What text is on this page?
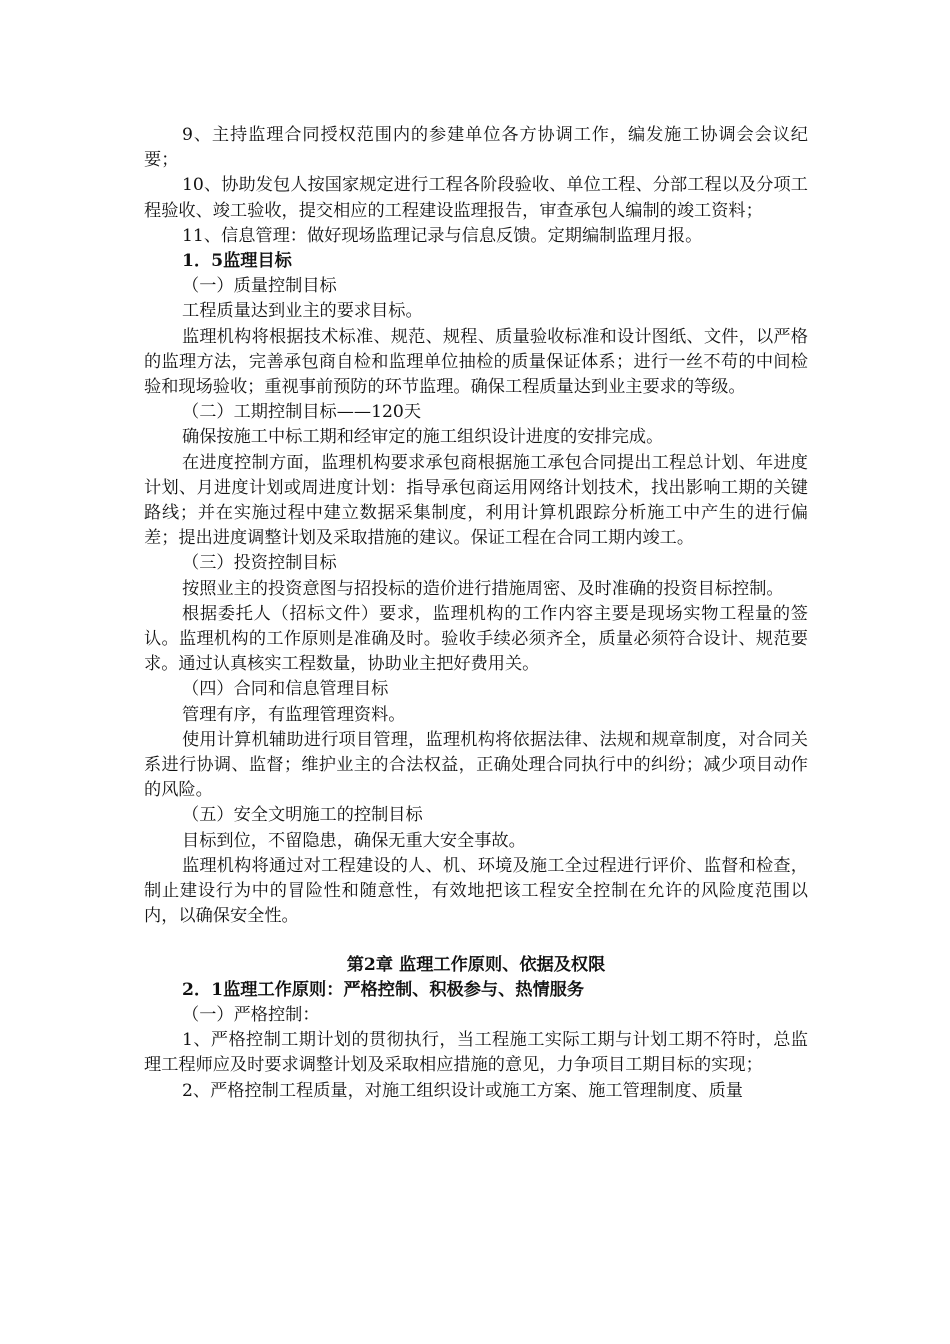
9、主持监理合同授权范围内的参建单位各方协调工作，编发施工协调会会议纪要；

10、协助发包人按国家规定进行工程各阶段验收、单位工程、分部工程以及分项工程验收、竣工验收，提交相应的工程建设监理报告，审查承包人编制的竣工资料；

11、信息管理：做好现场监理记录与信息反馈。定期编制监理月报。

1．5监理目标

（一）质量控制目标

工程质量达到业主的要求目标。

监理机构将根据技术标准、规范、规程、质量验收标准和设计图纸、文件，以严格的监理方法，完善承包商自检和监理单位抽检的质量保证体系；进行一丝不苟的中间检验和现场验收；重视事前预防的环节监理。确保工程质量达到业主要求的等级。

（二）工期控制目标——120天

确保按施工中标工期和经审定的施工组织设计进度的安排完成。

在进度控制方面，监理机构要求承包商根据施工承包合同提出工程总计划、年进度计划、月进度计划或周进度计划：指导承包商运用网络计划技术，找出影响工期的关键路线；并在实施过程中建立数据采集制度，利用计算机跟踪分析施工中产生的进行偏差；提出进度调整计划及采取措施的建议。保证工程在合同工期内竣工。

（三）投资控制目标

按照业主的投资意图与招投标的造价进行措施周密、及时准确的投资目标控制。

根据委托人（招标文件）要求，监理机构的工作内容主要是现场实物工程量的签认。监理机构的工作原则是准确及时。验收手续必须齐全，质量必须符合设计、规范要求。通过认真核实工程数量，协助业主把好费用关。

（四）合同和信息管理目标

管理有序，有监理管理资料。

使用计算机辅助进行项目管理，监理机构将依据法律、法规和规章制度，对合同关系进行协调、监督；维护业主的合法权益，正确处理合同执行中的纠纷；减少项目动作的风险。

（五）安全文明施工的控制目标

目标到位，不留隐患，确保无重大安全事故。

监理机构将通过对工程建设的人、机、环境及施工全过程进行评价、监督和检查，制止建设行为中的冒险性和随意性，有效地把该工程安全控制在允许的风险度范围以内，以确保安全性。

第2章 监理工作原则、依据及权限

2．1监理工作原则：严格控制、积极参与、热情服务

（一）严格控制：

1、严格控制工期计划的贯彻执行，当工程施工实际工期与计划工期不符时，总监理工程师应及时要求调整计划及采取相应措施的意见，力争项目工期目标的实现；

2、严格控制工程质量，对施工组织设计或施工方案、施工管理制度、质量
